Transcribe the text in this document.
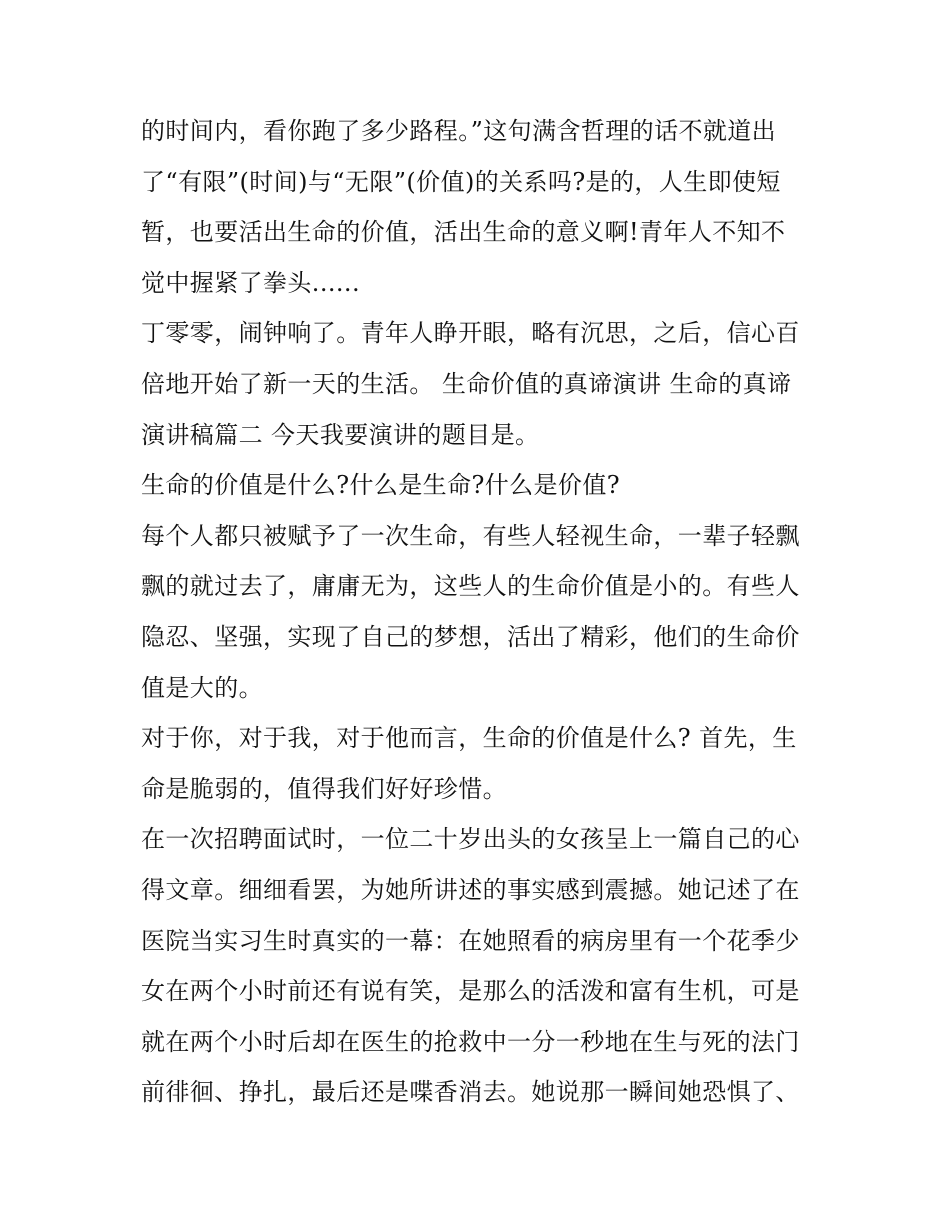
的时间内，看你跑了多少路程。”这句满含哲理的话不就道出
了“有限”(时间)与“无限”(价值)的关系吗?是的，人生即使短
暂，也要活出生命的价值，活出生命的意义啊!青年人不知不
觉中握紧了拳头......
丁零零，闹钟响了。青年人睁开眼，略有沉思，之后，信心百
倍地开始了新一天的生活。 生命价值的真谛演讲 生命的真谛
演讲稿篇二 今天我要演讲的题目是。
生命的价值是什么?什么是生命?什么是价值?
每个人都只被赋予了一次生命，有些人轻视生命，一辈子轻飘
飘的就过去了，庸庸无为，这些人的生命价值是小的。有些人
隐忍、坚强，实现了自己的梦想，活出了精彩，他们的生命价
值是大的。
对于你，对于我，对于他而言，生命的价值是什么? 首先，生
命是脆弱的，值得我们好好珍惜。
在一次招聘面试时，一位二十岁出头的女孩呈上一篇自己的心
得文章。细细看罢，为她所讲述的事实感到震撼。她记述了在
医院当实习生时真实的一幕：在她照看的病房里有一个花季少
女在两个小时前还有说有笑，是那么的活泼和富有生机，可是
就在两个小时后却在医生的抢救中一分一秒地在生与死的法门
前徘徊、挣扎，最后还是喋香消去。她说那一瞬间她恐惧了、
